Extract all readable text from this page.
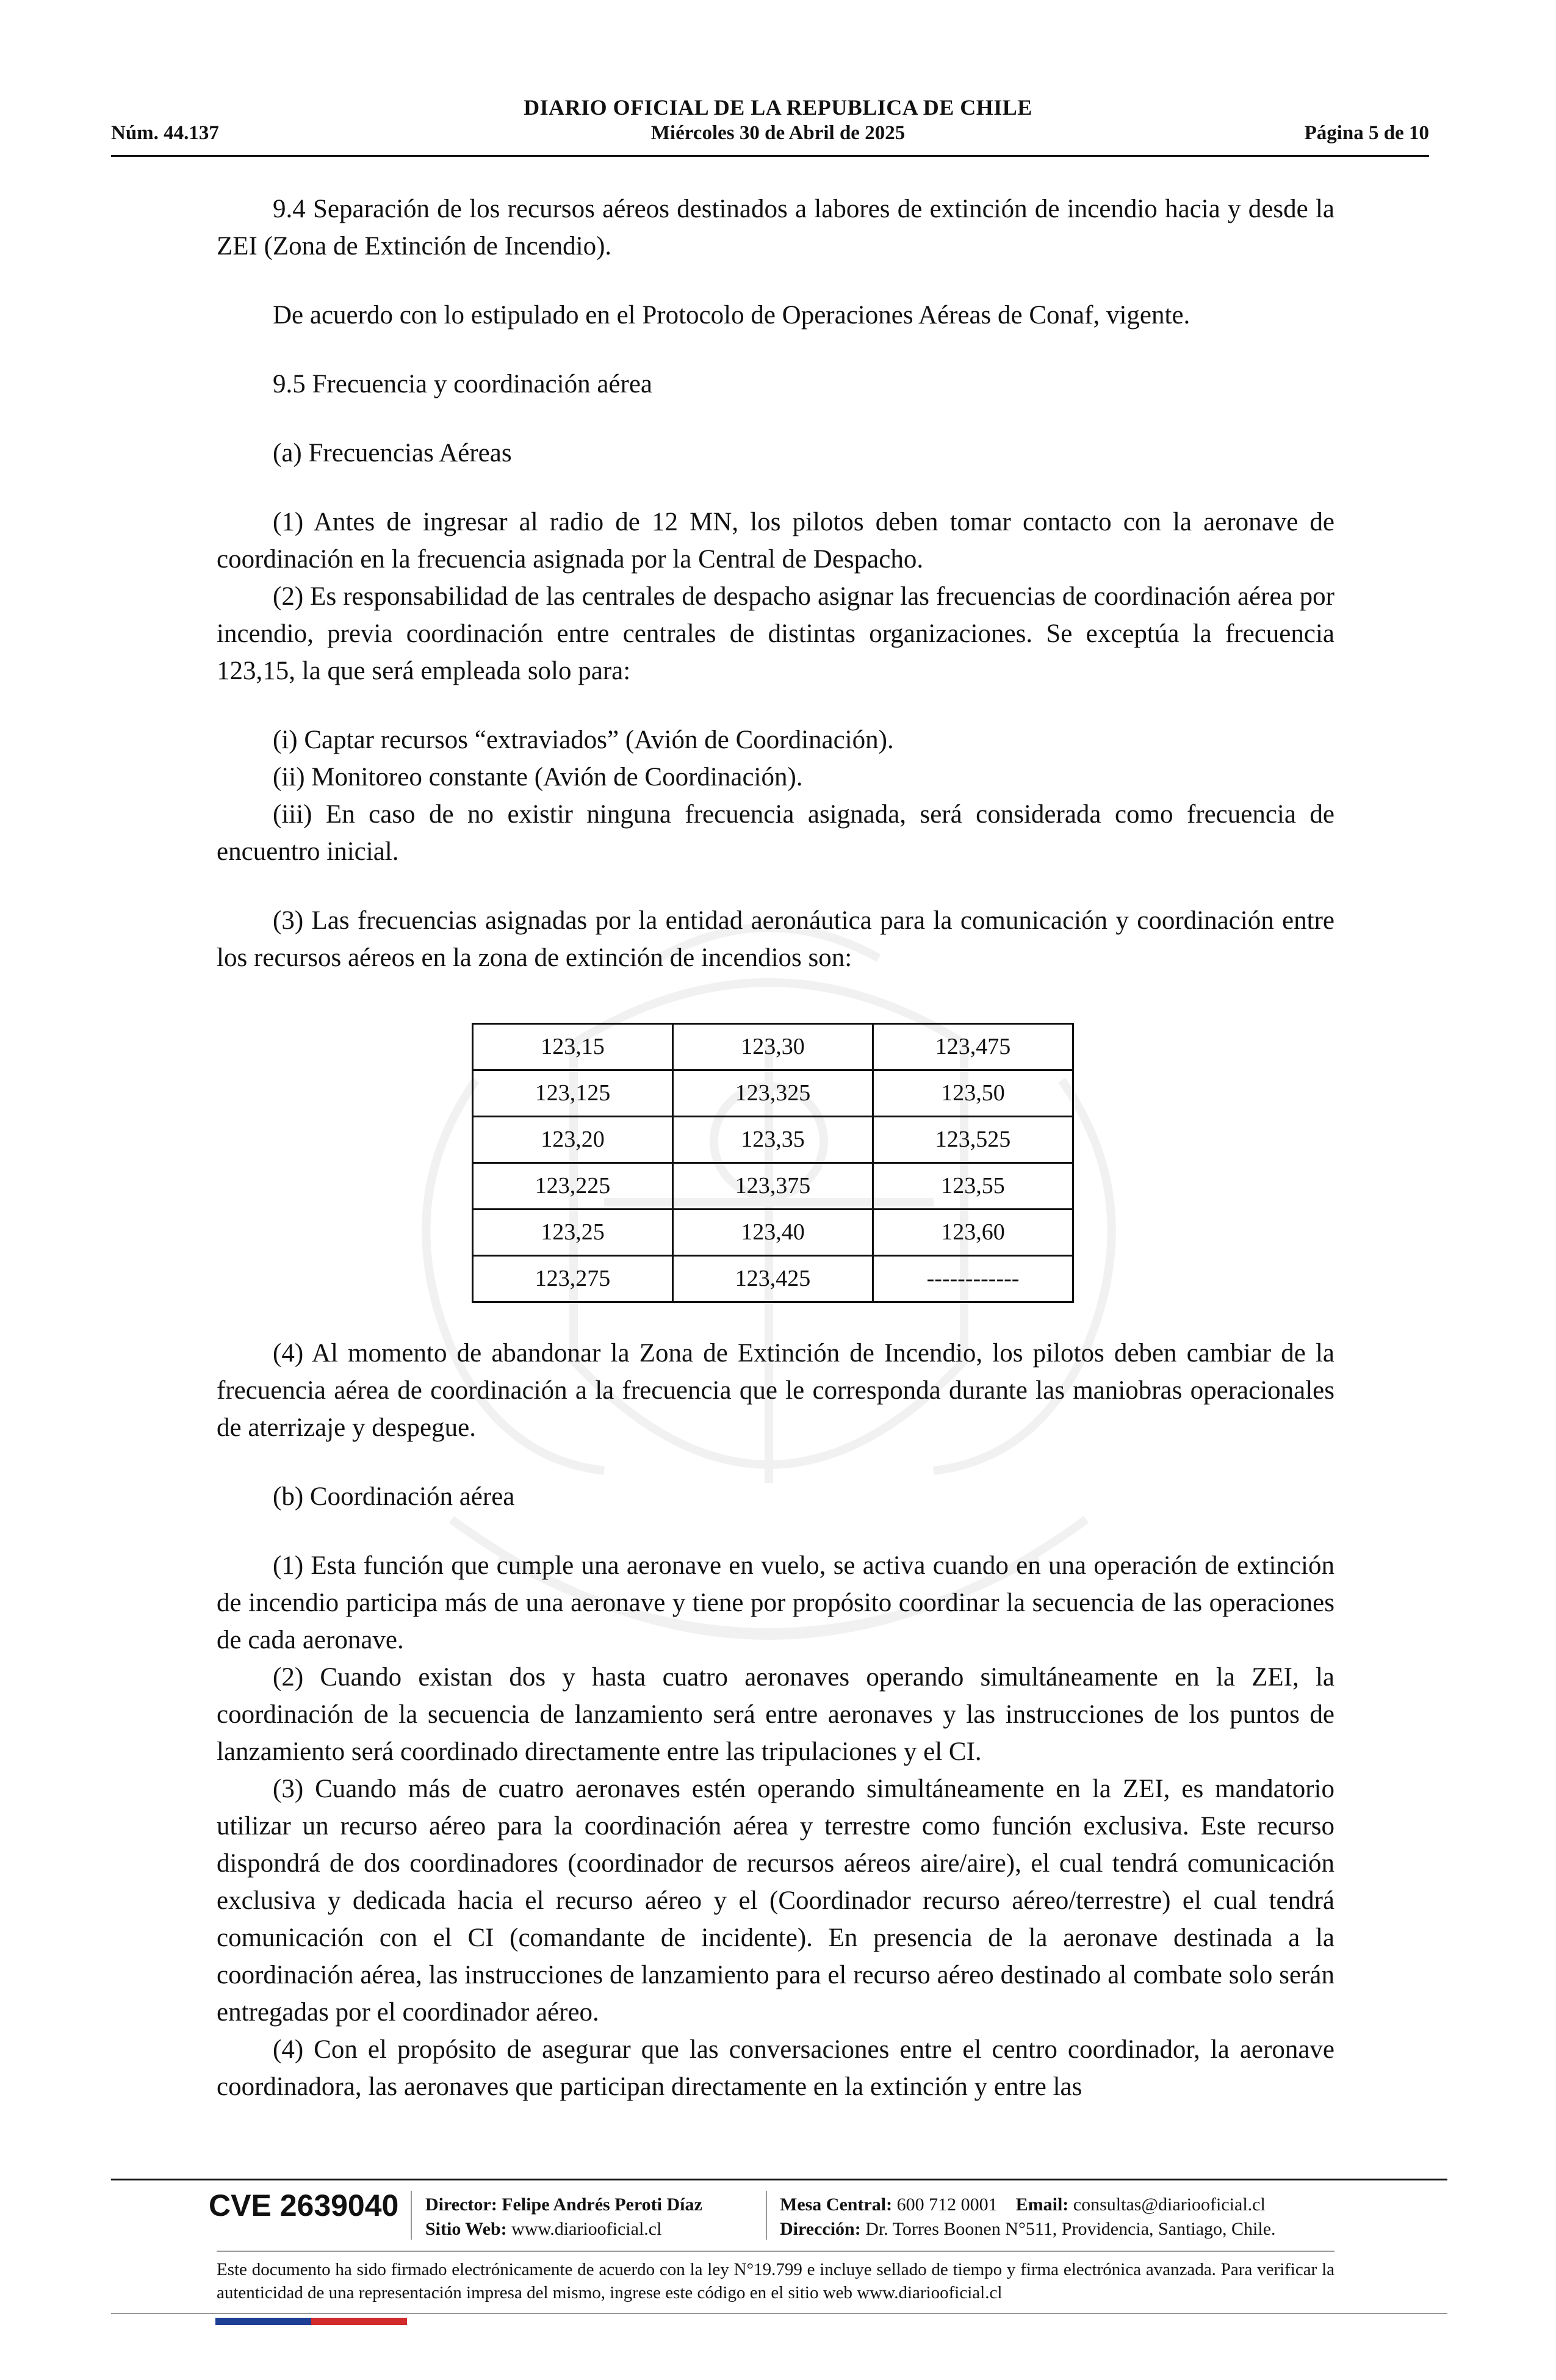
Núm. 44.137
DIARIO OFICIAL DE LA REPUBLICA DE CHILE
Miércoles 30 de Abril de 2025	Página 5 de 10

9.4 Separación de los recursos aéreos destinados a labores de extinción de incendio hacia y desde la ZEI (Zona de Extinción de Incendio).

De acuerdo con lo estipulado en el Protocolo de Operaciones Aéreas de Conaf, vigente.

9.5 Frecuencia y coordinación aérea

(a) Frecuencias Aéreas

(1) Antes de ingresar al radio de 12 MN, los pilotos deben tomar contacto con la aeronave de coordinación en la frecuencia asignada por la Central de Despacho.

(2) Es responsabilidad de las centrales de despacho asignar las frecuencias de coordinación aérea por incendio, previa coordinación entre centrales de distintas organizaciones. Se exceptúa la frecuencia 123,15, la que será empleada solo para:

(i) Captar recursos “extraviados” (Avión de Coordinación).

(ii) Monitoreo constante (Avión de Coordinación).

(iii) En caso de no existir ninguna frecuencia asignada, será considerada como frecuencia de encuentro inicial.

(3) Las frecuencias asignadas por la entidad aeronáutica para la comunicación y coordinación entre los recursos aéreos en la zona de extinción de incendios son:

123,15	123,30	123,475
123,125	123,325	123,50
123,20	123,35	123,525
123,225	123,375	123,55
123,25	123,40	123,60
123,275	123,425	------------

(4) Al momento de abandonar la Zona de Extinción de Incendio, los pilotos deben cambiar de la frecuencia aérea de coordinación a la frecuencia que le corresponda durante las maniobras operacionales de aterrizaje y despegue.

(b) Coordinación aérea

(1) Esta función que cumple una aeronave en vuelo, se activa cuando en una operación de extinción de incendio participa más de una aeronave y tiene por propósito coordinar la secuencia de las operaciones de cada aeronave.

(2) Cuando existan dos y hasta cuatro aeronaves operando simultáneamente en la ZEI, la coordinación de la secuencia de lanzamiento será entre aeronaves y las instrucciones de los puntos de lanzamiento será coordinado directamente entre las tripulaciones y el CI.

(3) Cuando más de cuatro aeronaves estén operando simultáneamente en la ZEI, es mandatorio utilizar un recurso aéreo para la coordinación aérea y terrestre como función exclusiva. Este recurso dispondrá de dos coordinadores (coordinador de recursos aéreos aire/aire), el cual tendrá comunicación exclusiva y dedicada hacia el recurso aéreo y el (Coordinador recurso aéreo/terrestre) el cual tendrá comunicación con el CI (comandante de incidente). En presencia de la aeronave destinada a la coordinación aérea, las instrucciones de lanzamiento para el recurso aéreo destinado al combate solo serán entregadas por el coordinador aéreo.

(4) Con el propósito de asegurar que las conversaciones entre el centro coordinador, la aeronave coordinadora, las aeronaves que participan directamente en la extinción y entre las

CVE 2639040 Director: Felipe Andrés Peroti Díaz
Sitio Web: www.diariooficial.cl
Mesa Central: 600 712 0001 Email: consultas@diariooficial.cl
Dirección: Dr. Torres Boonen N°511, Providencia, Santiago, Chile.
Este documento ha sido firmado electrónicamente de acuerdo con la ley N°19.799 e incluye sellado de tiempo y firma electrónica avanzada. Para verificar la autenticidad de una representación impresa del mismo, ingrese este código en el sitio web www.diariooficial.cl
